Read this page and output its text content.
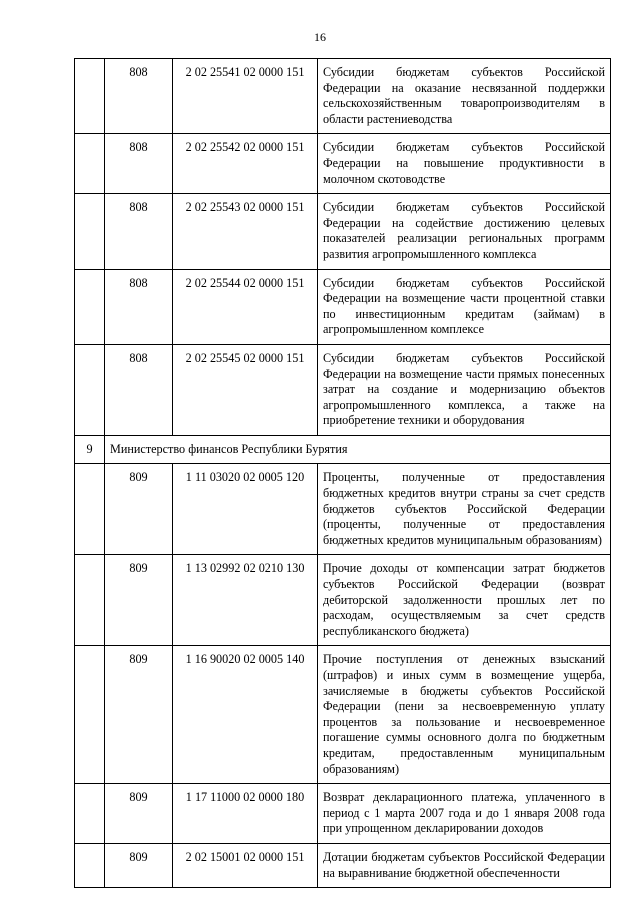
16
	808	2 02 25541 02 0000 151	Субсидии бюджетам субъектов Российской Федерации на оказание несвязанной поддержки сельскохозяйственным товаропроизводителям в области растениеводства
	808	2 02 25542 02 0000 151	Субсидии бюджетам субъектов Российской Федерации на повышение продуктивности в молочном скотоводстве
	808	2 02 25543 02 0000 151	Субсидии бюджетам субъектов Российской Федерации на содействие достижению целевых показателей реализации региональных программ развития агропромышленного комплекса
	808	2 02 25544 02 0000 151	Субсидии бюджетам субъектов Российской Федерации на возмещение части процентной ставки по инвестиционным кредитам (займам) в агропромышленном комплексе
	808	2 02 25545 02 0000 151	Субсидии бюджетам субъектов Российской Федерации на возмещение части прямых понесенных затрат на создание и модернизацию объектов агропромышленного комплекса, а также на приобретение техники и оборудования
9	Министерство финансов Республики Бурятия		
	809	1 11 03020 02 0005 120	Проценты, полученные от предоставления бюджетных кредитов внутри страны за счет средств бюджетов субъектов Российской Федерации (проценты, полученные от предоставления бюджетных кредитов муниципальным образованиям)
	809	1 13 02992 02 0210 130	Прочие доходы от компенсации затрат бюджетов субъектов Российской Федерации (возврат дебиторской задолженности прошлых лет по расходам, осуществляемым за счет средств республиканского бюджета)
	809	1 16 90020 02 0005 140	Прочие поступления от денежных взысканий (штрафов) и иных сумм в возмещение ущерба, зачисляемые в бюджеты субъектов Российской Федерации (пени за несвоевременную уплату процентов за пользование и несвоевременное погашение суммы основного долга по бюджетным кредитам, предоставленным муниципальным образованиям)
	809	1 17 11000 02 0000 180	Возврат декларационного платежа, уплаченного в период с 1 марта 2007 года и до 1 января 2008 года при упрощенном декларировании доходов
	809	2 02 15001 02 0000 151	Дотации бюджетам субъектов Российской Федерации на выравнивание бюджетной обеспеченности
